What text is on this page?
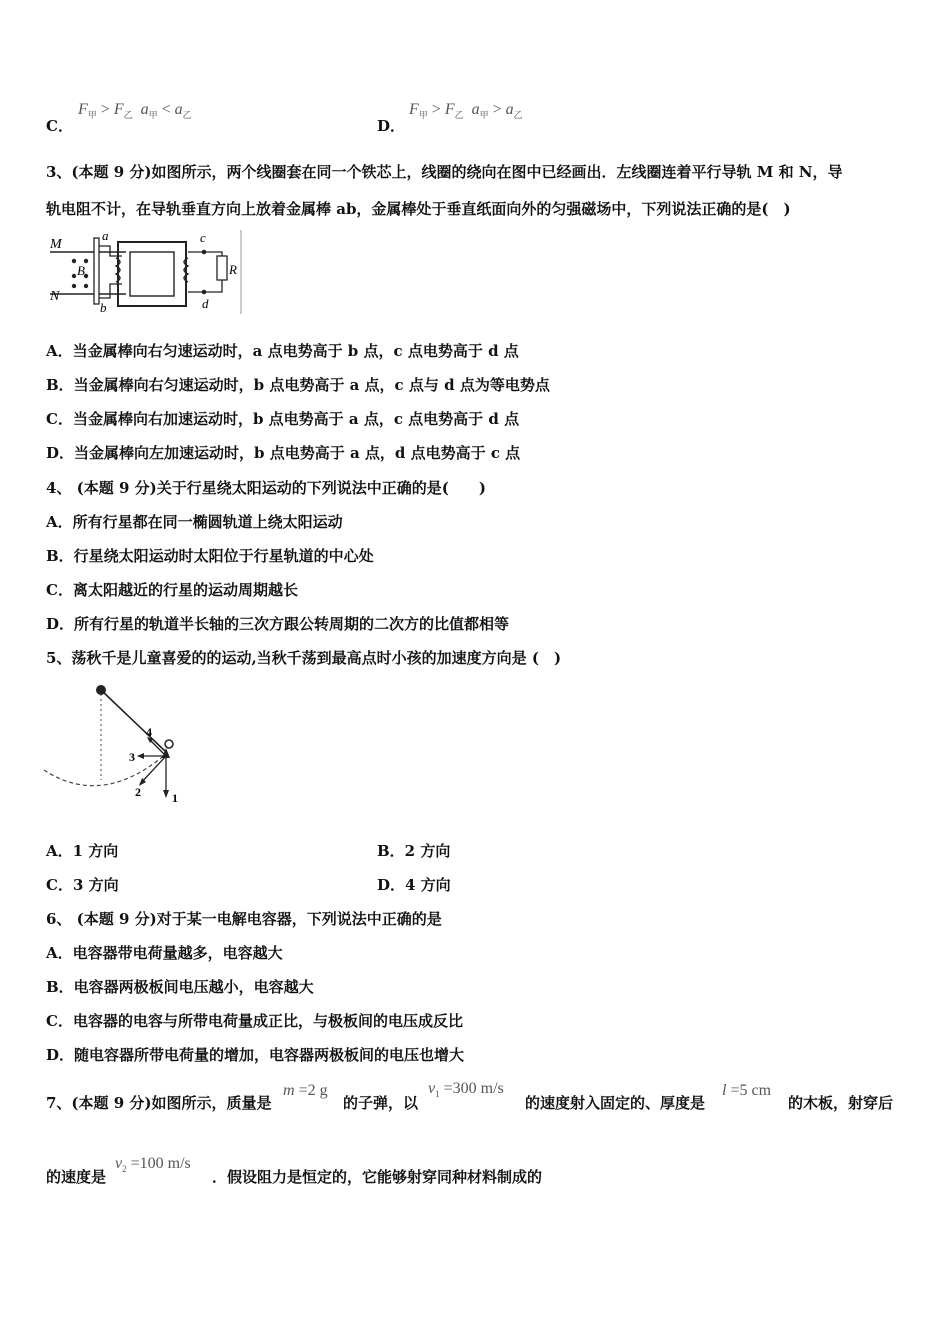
C．
$F_甲 > F_乙$ $a_甲 < a_乙$
D．
$F_甲 > F_乙$ $a_甲 > a_乙$
3、(本题 9 分)如图所示，两个线圈套在同一个铁芯上，线圈的绕向在图中已经画出．左线圈连着平行导轨 M 和 N，导
轨电阻不计，在导轨垂直方向上放着金属棒 ab，金属棒处于垂直纸面向外的匀强磁场中，下列说法正确的是(　)
M
N
B
a
b
c
d
R
A．当金属棒向右匀速运动时，a 点电势高于 b 点，c 点电势高于 d 点
B．当金属棒向右匀速运动时，b 点电势高于 a 点，c 点与 d 点为等电势点
C．当金属棒向右加速运动时，b 点电势高于 a 点，c 点电势高于 d 点
D．当金属棒向左加速运动时，b 点电势高于 a 点，d 点电势高于 c 点
4、 (本题 9 分)关于行星绕太阳运动的下列说法中正确的是(　　)
A．所有行星都在同一椭圆轨道上绕太阳运动
B．行星绕太阳运动时太阳位于行星轨道的中心处
C．离太阳越近的行星的运动周期越长
D．所有行星的轨道半长轴的三次方跟公转周期的二次方的比值都相等
5、荡秋千是儿童喜爱的的运动,当秋千荡到最高点时小孩的加速度方向是 (　)
1
2
3
4
A．1 方向	B．2 方向
C．3 方向	D．4 方向
6、 (本题 9 分)对于某一电解电容器，下列说法中正确的是
A．电容器带电荷量越多，电容越大
B．电容器两极板间电压越小，电容越大
C．电容器的电容与所带电荷量成正比，与极板间的电压成反比
D．随电容器所带电荷量的增加，电容器两极板间的电压也增大
7、(本题 9 分)如图所示，质量是
m =2 g
的子弹，以
$v_1 =300$ m/s
的速度射入固定的、厚度是
l =5 cm
的木板，射穿后
的速度是
$v_2 =100$ m/s
．假设阻力是恒定的，它能够射穿同种材料制成的
